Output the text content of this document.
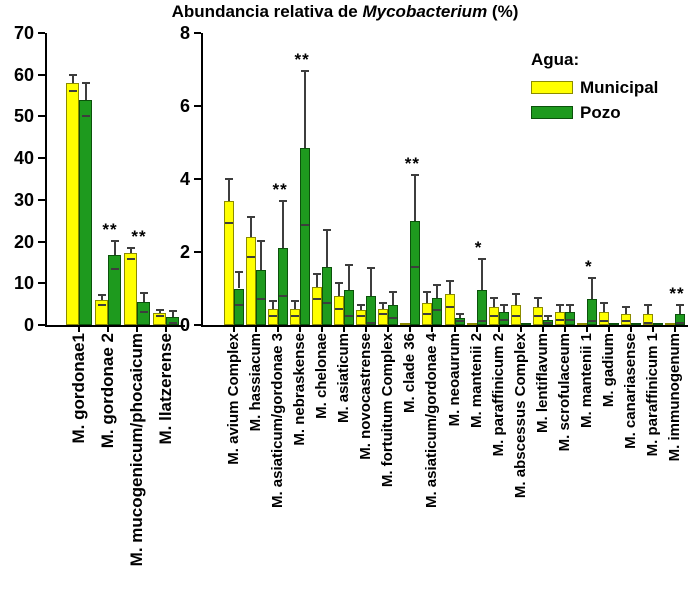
Abundancia relativa de Mycobacterium (%)
Agua:
Municipal
Pozo
0
10
20
30
40
50
60
70
M. gordonae1
**
M. gordonae 2
**
M. mucogenicum/phocaicum M. llatzerense
0
2
4
6
8
M. avium Complex M. hassiacum
**
M. asiaticum/gordonae 3
**
M. nebraskense M. chelonae M. asiaticum M. novocastrense M. fortuitum Complex
**
M. clade 36 M. asiaticum/gordonae 4 M. neoaurum
*
M. mantenii 2 M. paraffinicum 2 M. abscessus Complex M. lentiflavum M. scrofulaceum
*
M. mantenii 1 M. gadium M. canariasense M. paraffinicum 1
**
M. immunogenum
